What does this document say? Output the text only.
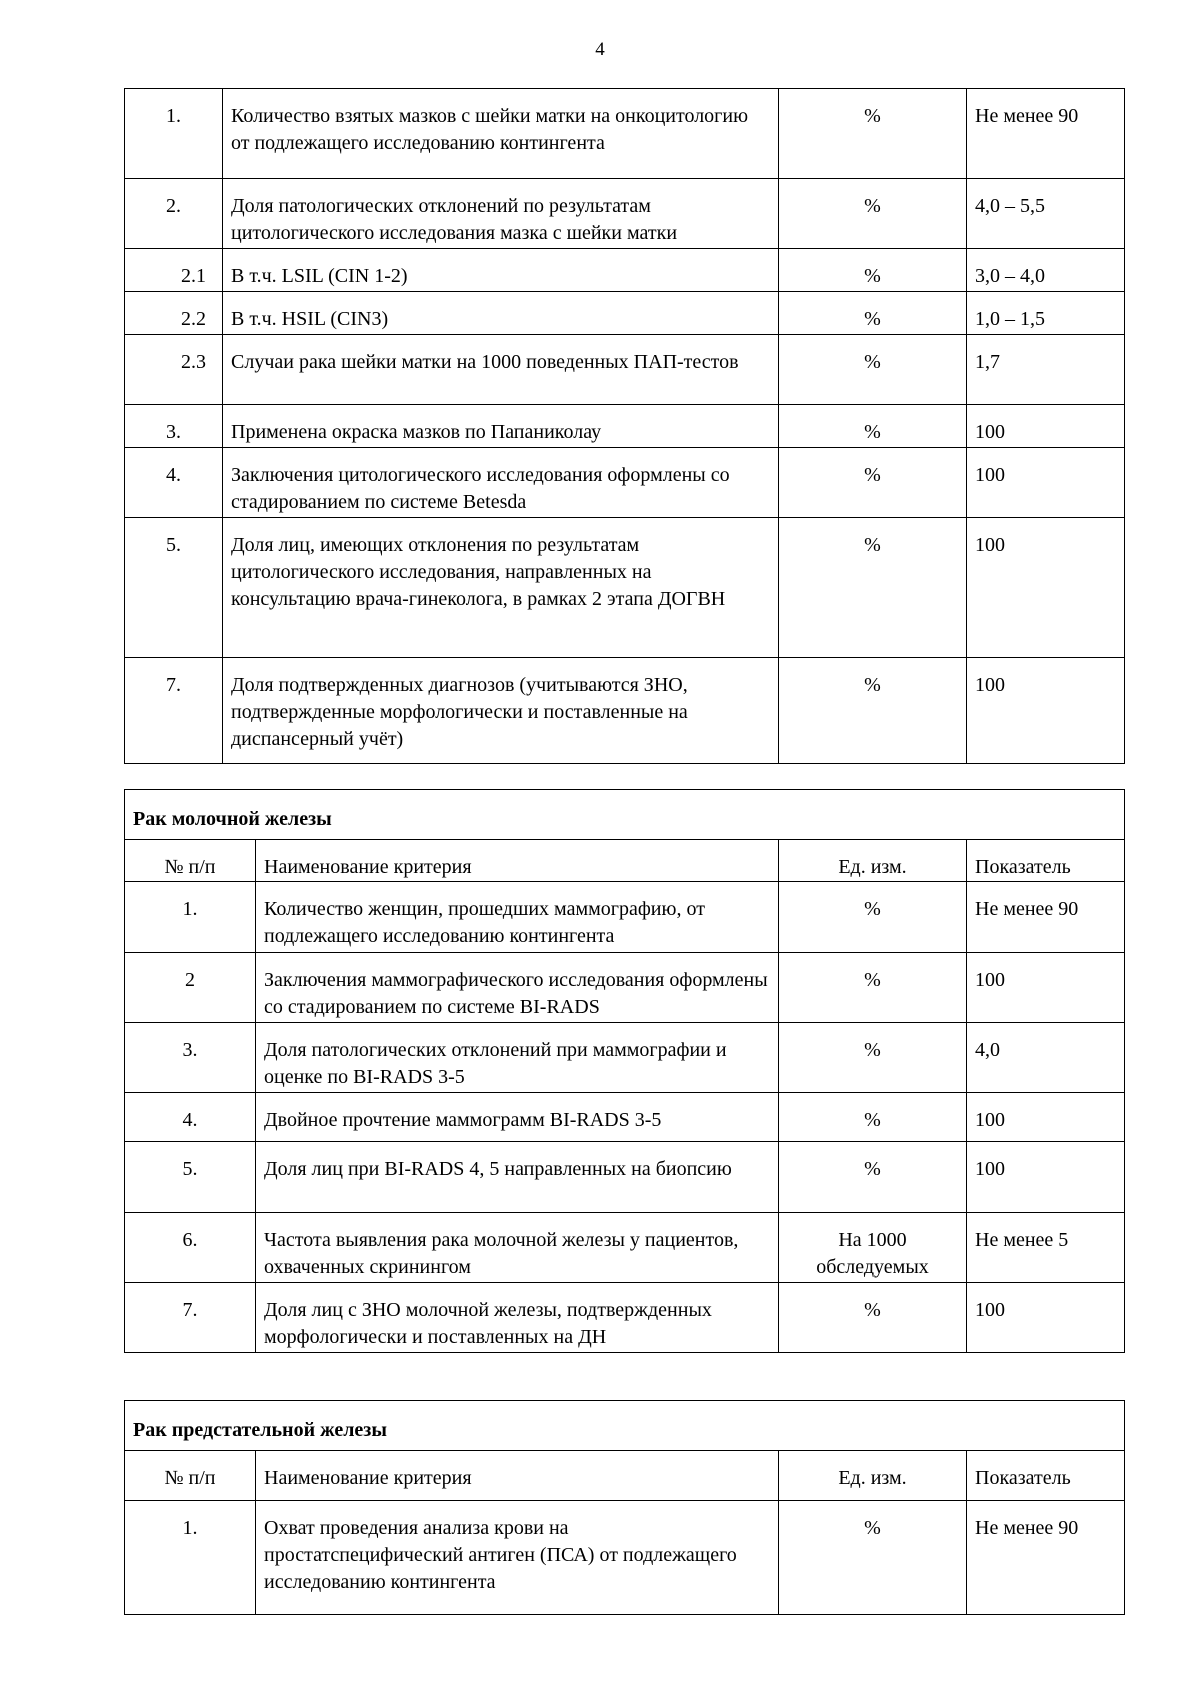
4
1.	Количество взятых мазков с шейки матки на онкоцитологию от подлежащего исследованию контингента	%	Не менее 90
2.	Доля патологических отклонений по результатам цитологического исследования мазка с шейки матки	%	4,0 – 5,5
2.1	В т.ч. LSIL (CIN 1-2)	%	3,0 – 4,0
2.2	В т.ч. HSIL (CIN3)	%	1,0 – 1,5
2.3	Случаи рака шейки матки на 1000 поведенных ПАП-тестов	%	1,7
3.	Применена окраска мазков по Папаниколау	%	100
4.	Заключения цитологического исследования оформлены со стадированием по системе Betesda	%	100
5.	Доля лиц, имеющих отклонения по результатам цитологического исследования, направленных на консультацию врача-гинеколога, в рамках 2 этапа ДОГВН	%	100
7.	Доля подтвержденных диагнозов (учитываются ЗНО, подтвержденные морфологически и поставленные на диспансерный учёт)	%	100
Рак молочной железы			
№ п/п	Наименование критерия	Ед. изм.	Показатель
1.	Количество женщин, прошедших маммографию, от подлежащего исследованию контингента	%	Не менее 90
2	Заключения маммографического исследования оформлены со стадированием по системе BI-RADS	%	100
3.	Доля патологических отклонений при маммографии и оценке по BI-RADS 3-5	%	4,0
4.	Двойное прочтение маммограмм BI-RADS 3-5	%	100
5.	Доля лиц при BI-RADS 4, 5 направленных на биопсию	%	100
6.	Частота выявления рака молочной железы у пациентов, охваченных скринингом	На 1000 обследуемых	Не менее 5
7.	Доля лиц с ЗНО молочной железы, подтвержденных морфологически и поставленных на ДН	%	100
Рак предстательной железы			
№ п/п	Наименование критерия	Ед. изм.	Показатель
1.	Охват проведения анализа крови на простатспецифический антиген (ПСА) от подлежащего исследованию контингента	%	Не менее 90
